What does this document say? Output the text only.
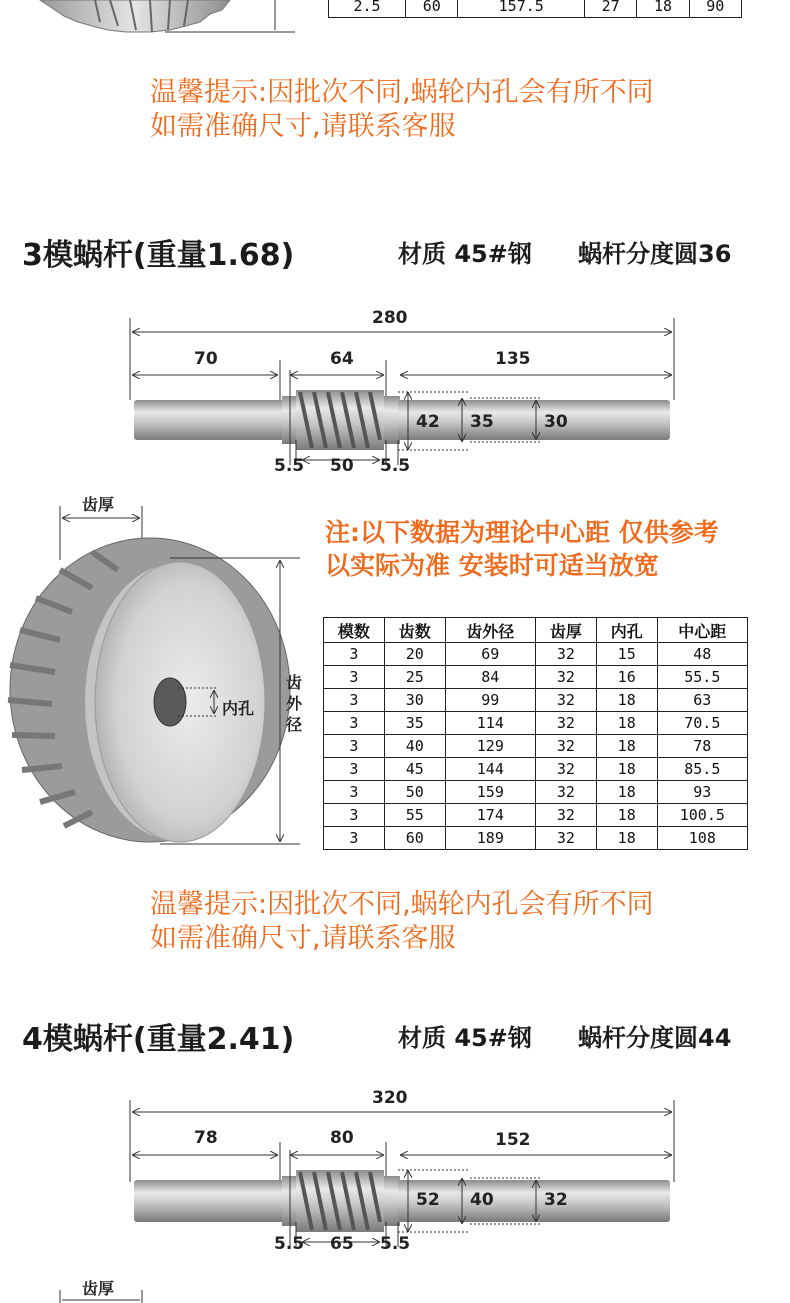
2.5	60	157.5	27	18	90
温馨提示:因批次不同,蜗轮内孔会有所不同
如需准确尺寸,请联系客服
3模蜗杆(重量1.68)	材质 45#钢 蜗杆分度圆36
280
70	64	135
5.5 50 5.5
42 35	30
齿厚
内孔
齿外径
注:以下数据为理论中心距 仅供参考
以实际为准 安装时可适当放宽
模数	齿数	齿外径	齿厚	内孔	中心距
3	20	69	32	15	48
3	25	84	32	16	55.5
3	30	99	32	18	63
3	35	114	32	18	70.5
3	40	129	32	18	78
3	45	144	32	18	85.5
3	50	159	32	18	93
3	55	174	32	18	100.5
3	60	189	32	18	108
温馨提示:因批次不同,蜗轮内孔会有所不同
如需准确尺寸,请联系客服
4模蜗杆(重量2.41)	材质 45#钢 蜗杆分度圆44
320
78	80	152
5.5 65 5.5
52 40	32
齿厚
